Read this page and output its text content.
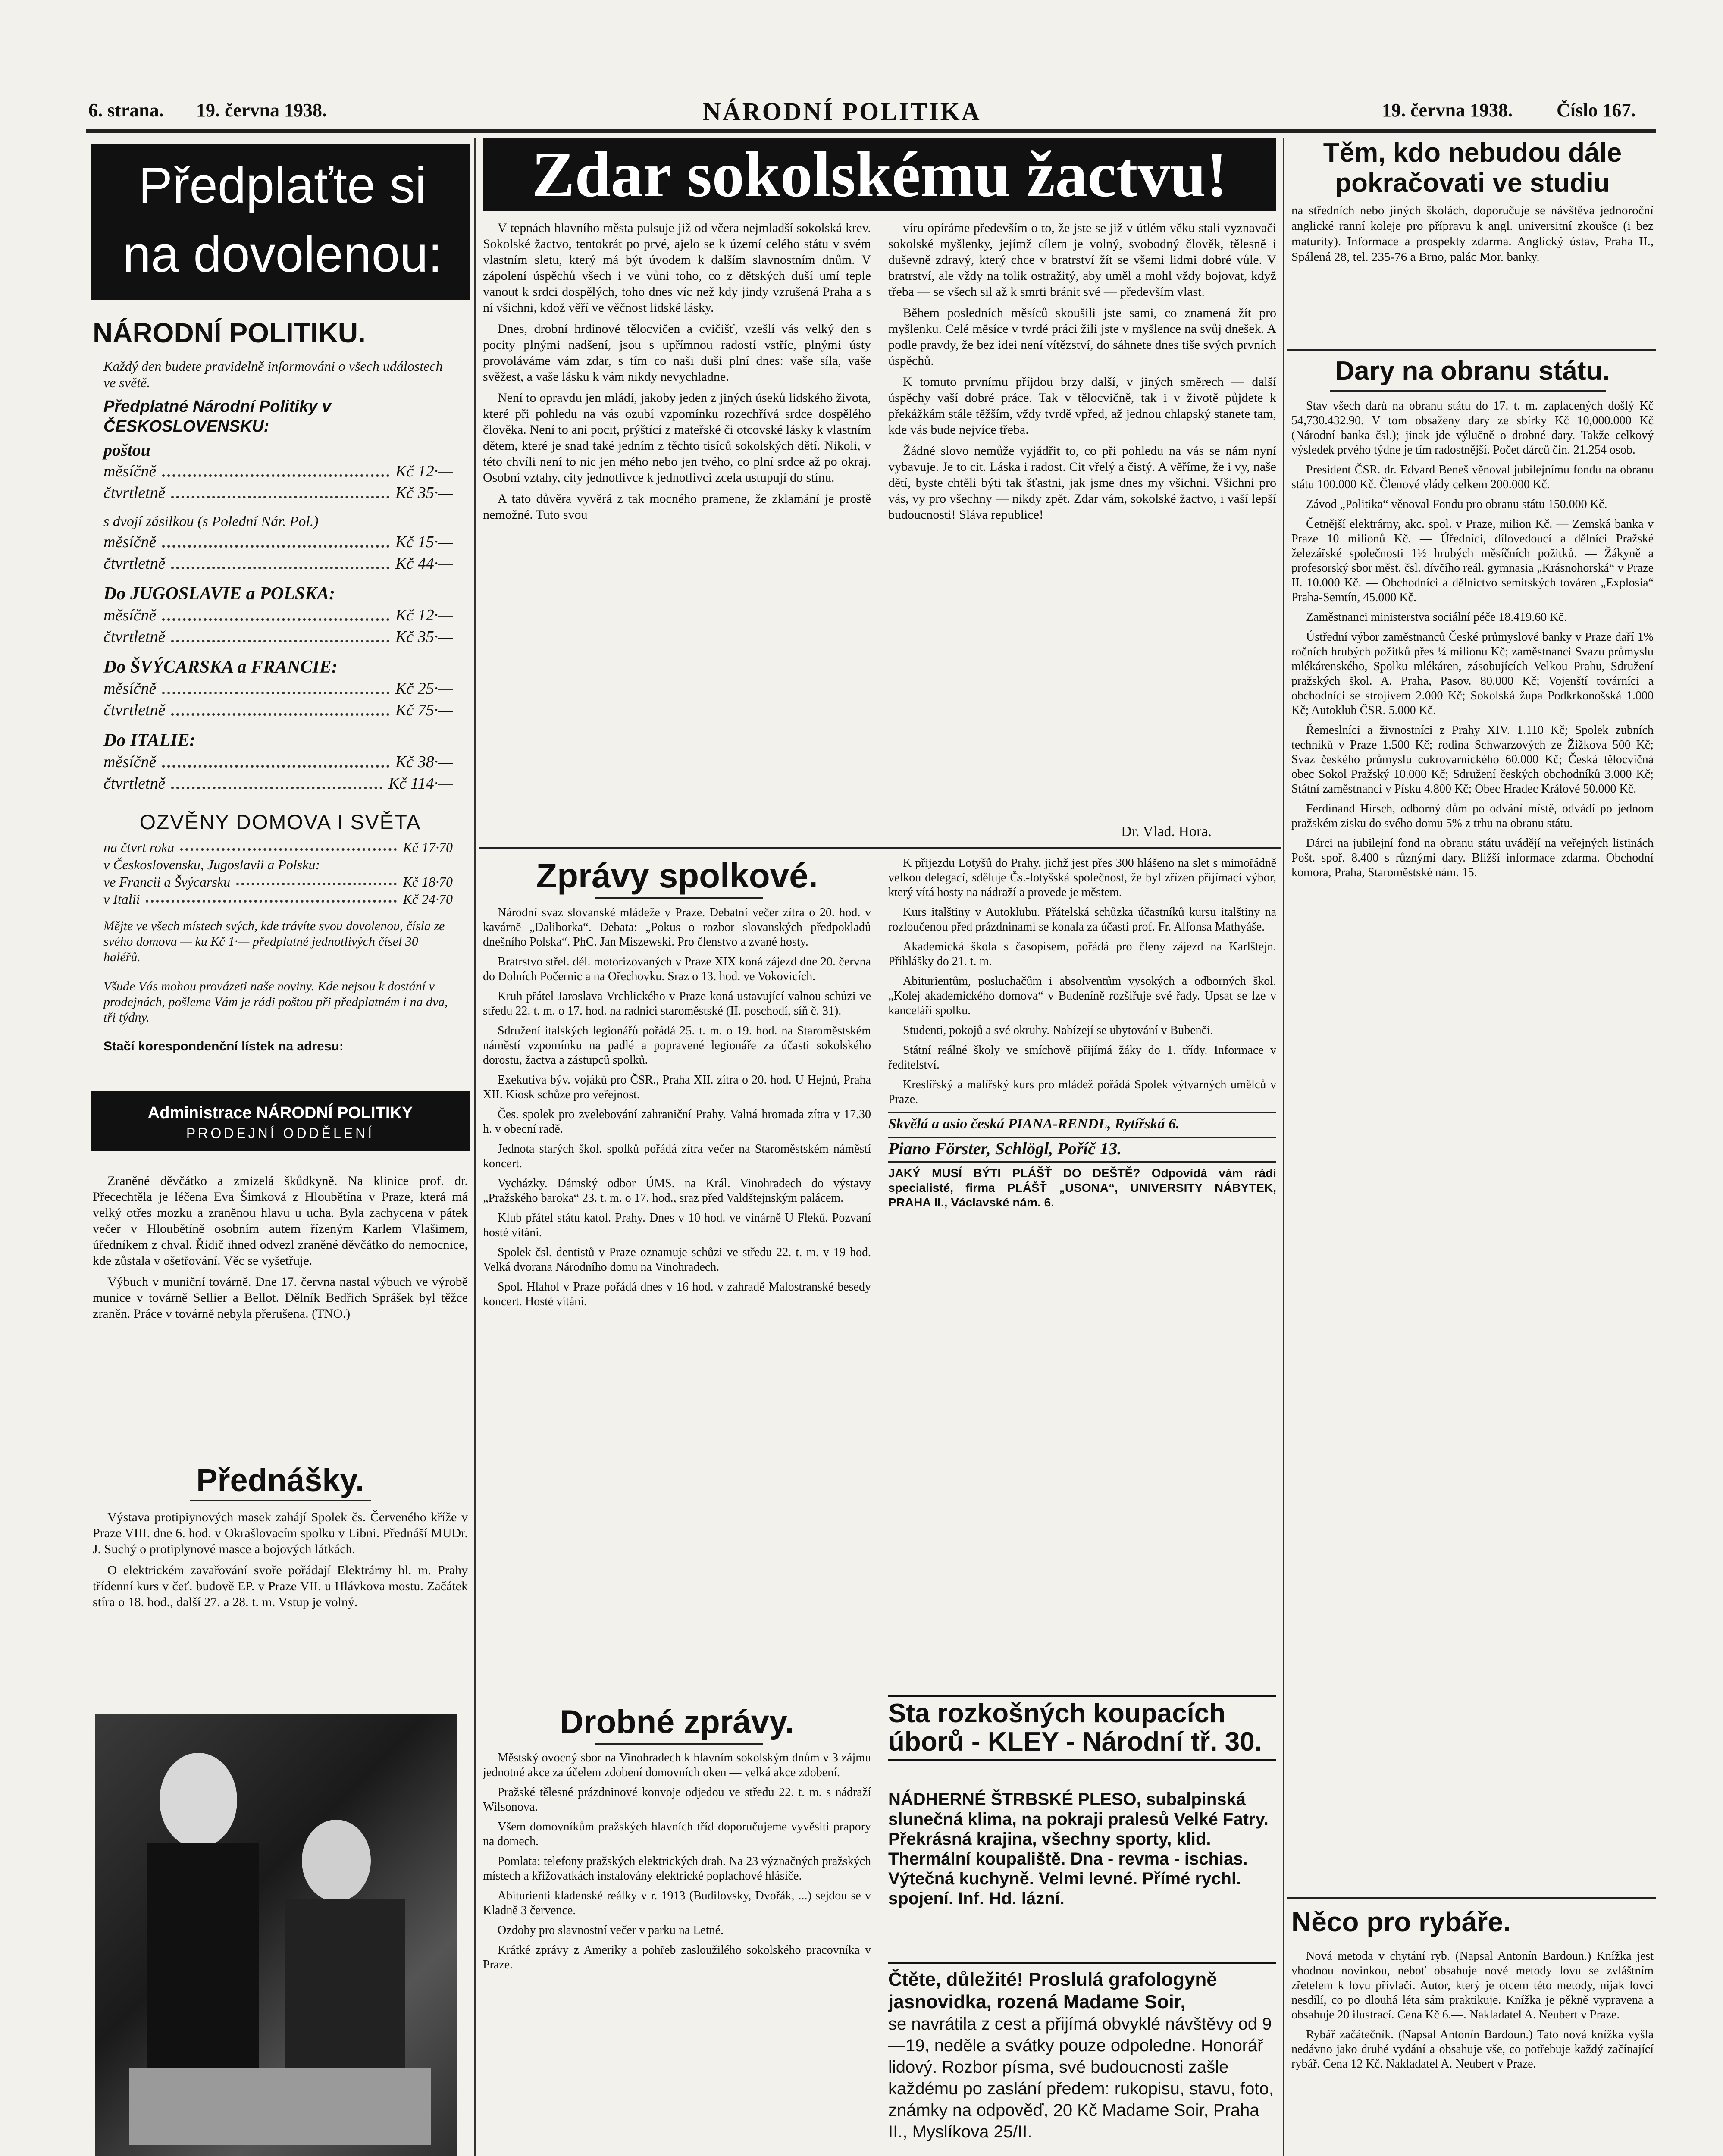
6. strana. 19. června 1938.	NÁRODNÍ POLITIKA	19. června 1938. Číslo 167.
Předplaťte si
na dovolenou:
NÁRODNÍ POLITIKU.
Každý den budete pravidelně informováni o všech událostech ve světě.
Předplatné Národní Politiky v ČESKOSLOVENSKU:
poštou
měsíčně	Kč 12·—
čtvrtletně	Kč 35·—
s dvojí zásilkou (s Polední Nár. Pol.)
měsíčně	Kč 15·—
čtvrtletně	Kč 44·—
Do JUGOSLAVIE a POLSKA:
měsíčně	Kč 12·—
čtvrtletně	Kč 35·—
Do ŠVÝCARSKA a FRANCIE:
měsíčně	Kč 25·—
čtvrtletně	Kč 75·—
Do ITALIE:
měsíčně	Kč 38·—
čtvrtletně	Kč 114·—
OZVĚNY DOMOVA I SVĚTA
na čtvrt roku	Kč 17·70
v Československu, Jugoslavii a Polsku:
ve Francii a Švýcarsku	Kč 18·70
v Italii	Kč 24·70
Mějte ve všech místech svých, kde trávíte svou dovolenou, čísla ze svého domova — ku Kč 1·— předplatné jednotlivých čísel 30 haléřů.
Všude Vás mohou provázeti naše noviny. Kde nejsou k dostání v prodejnách, pošleme Vám je rádi poštou při předplatném i na dva, tři týdny.
Stačí korespondenční lístek na adresu:
Administrace NÁRODNÍ POLITIKY
PRODEJNÍ ODDĚLENÍ

Zraněné děvčátko a zmizelá škůdkyně. Na klinice prof. dr. Přecechtěla je léčena Eva Šimková z Hloubětína v Praze, která má velký otřes mozku a zraněnou hlavu u ucha. Byla zachycena v pátek večer v Hloubětíně osobním autem řízeným Karlem Vlašimem, úředníkem z chval. Řidič ihned odvezl zraněné děvčátko do nemocnice, kde zůstala v ošetřování. Věc se vyšetřuje.

Výbuch v muniční továrně. Dne 17. června nastal výbuch ve výrobě munice v továrně Sellier a Bellot. Dělník Bedřich Sprášek byl těžce zraněn. Práce v továrně nebyla přerušena. (TNO.)

Přednášky.

Výstava protipiynových masek zahájí Spolek čs. Červeného kříže v Praze VIII. dne 6. hod. v Okrašlovacím spolku v Libni. Přednáší MUDr. J. Suchý o protiplynové masce a bojových látkách.

O elektrickém zavařování svoře pořádají Elektrárny hl. m. Prahy třídenní kurs v čeť. budově EP. v Praze VII. u Hlávkova mostu. Začátek stíra o 18. hod., další 27. a 28. t. m. Vstup je volný.

Zdar sokolskému žactvu!

V tepnách hlavního města pulsuje již od včera nejmladší sokolská krev. Sokolské žactvo, tentokrát po prvé, ajelo se k území celého státu v svém vlastním sletu, který má být úvodem k dalším slavnostním dnům. V zápolení úspěchů všech i ve vůni toho, co z dětských duší umí teple vanout k srdci dospělých, toho dnes víc než kdy jindy vzrušená Praha a s ní všichni, kdož věří ve věčnost lidské lásky.

Dnes, drobní hrdinové tělocvičen a cvičišť, vzešlí vás velký den s pocity plnými nadšení, jsou s upřímnou radostí vstříc, plnými ústy provoláváme vám zdar, s tím co naši duši plní dnes: vaše síla, vaše svěžest, a vaše lásku k vám nikdy nevychladne.

Není to opravdu jen mládí, jakoby jeden z jiných úseků lidského života, které při pohledu na vás ozubí vzpomínku rozechřívá srdce dospělého člověka. Není to ani pocit, prýštící z mateřské či otcovské lásky k vlastním dětem, které je snad také jedním z těchto tisíců sokolských dětí. Nikoli, v této chvíli není to nic jen mého nebo jen tvého, co plní srdce až po okraj. Osobní vztahy, city jednotlivce k jednotlivci zcela ustupují do stínu.

A tato důvěra vyvěrá z tak mocného pramene, že zklamání je prostě nemožné. Tuto svou

víru opíráme především o to, že jste se již v útlém věku stali vyznavači sokolské myšlenky, jejímž cílem je volný, svobodný člověk, tělesně i duševně zdravý, který chce v bratrství žít se všemi lidmi dobré vůle. V bratrství, ale vždy na tolik ostražitý, aby uměl a mohl vždy bojovat, když třeba — se všech sil až k smrti bránit své — především vlast.

Během posledních měsíců skoušili jste sami, co znamená žít pro myšlenku. Celé měsíce v tvrdé práci žili jste v myšlence na svůj dnešek. A podle pravdy, že bez idei není vítězství, do sáhnete dnes tiše svých prvních úspěchů.

K tomuto prvnímu příjdou brzy další, v jiných směrech — další úspěchy vaší dobré práce. Tak v tělocvičně, tak i v životě půjdete k překážkám stále těžším, vždy tvrdě vpřed, až jednou chlapský stanete tam, kde vás bude nejvíce třeba.

Žádné slovo nemůže vyjádřit to, co při pohledu na vás se nám nyní vybavuje. Je to cit. Láska i radost. Cit vřelý a čistý. A věříme, že i vy, naše dětí, byste chtěli býti tak šťastni, jak jsme dnes my všichni. Všichni pro vás, vy pro všechny — nikdy zpět. Zdar vám, sokolské žactvo, i vaší lepší budoucnosti! Sláva republice!

Dr. Vlad. Hora.
Zprávy spolkové.

Národní svaz slovanské mládeže v Praze. Debatní večer zítra o 20. hod. v kavárně „Daliborka“. Debata: „Pokus o rozbor slovanských předpokladů dnešního Polska“. PhC. Jan Miszewski. Pro členstvo a zvané hosty.

Bratrstvo střel. dél. motorizovaných v Praze XIX koná zájezd dne 20. června do Dolních Počernic a na Ořechovku. Sraz o 13. hod. ve Vokovicích.

Kruh přátel Jaroslava Vrchlického v Praze koná ustavující valnou schůzi ve středu 22. t. m. o 17. hod. na radnici staroměstské (II. poschodí, síň č. 31).

Sdružení italských legionářů pořádá 25. t. m. o 19. hod. na Staroměstském náměstí vzpomínku na padlé a popravené legionáře za účasti sokolského dorostu, žactva a zástupců spolků.

Exekutiva býv. vojáků pro ČSR., Praha XII. zítra o 20. hod. U Hejnů, Praha XII. Kiosk schůze pro veřejnost.

Čes. spolek pro zvelebování zahraniční Prahy. Valná hromada zítra v 17.30 h. v obecní radě.

Jednota starých škol. spolků pořádá zítra večer na Staroměstském náměstí koncert.

Vycházky. Dámský odbor ÚMS. na Král. Vinohradech do výstavy „Pražského baroka“ 23. t. m. o 17. hod., sraz před Valdštejnským palácem.

Klub přátel státu katol. Prahy. Dnes v 10 hod. ve vinárně U Fleků. Pozvaní hosté vítáni.

Spolek čsl. dentistů v Praze oznamuje schůzi ve středu 22. t. m. v 19 hod. Velká dvorana Národního domu na Vinohradech.

Spol. Hlahol v Praze pořádá dnes v 16 hod. v zahradě Malostranské besedy koncert. Hosté vítáni.

K přijezdu Lotyšů do Prahy, jichž jest přes 300 hlášeno na slet s mimořádně velkou delegací, sděluje Čs.-lotyšská společnost, že byl zřízen přijímací výbor, který vítá hosty na nádraží a provede je městem.

Kurs italštiny v Autoklubu. Přátelská schůzka účastníků kursu italštiny na rozloučenou před prázdninami se konala za účasti prof. Fr. Alfonsa Mathyáše.

Akademická škola s časopisem, pořádá pro členy zájezd na Karlštejn. Přihlášky do 21. t. m.

Abiturientům, posluchačům i absolventům vysokých a odborných škol. „Kolej akademického domova“ v Budeníně rozšiřuje své řady. Upsat se lze v kanceláři spolku.

Studenti, pokojů a své okruhy. Nabízejí se ubytování v Bubenči.

Státní reálné školy ve smíchově přijímá žáky do 1. třídy. Informace v ředitelství.

Kreslířský a malířský kurs pro mládež pořádá Spolek výtvarných umělců v Praze.

Skvělá a asio česká PIANA-RENDL, Rytířská 6.

Piano Förster, Schlögl, Poříč 13.

JAKÝ MUSÍ BÝTI PLÁŠŤ DO DEŠTĚ? Odpovídá vám rádi specialisté, firma PLÁŠŤ „USONA“, UNIVERSITY NÁBYTEK, PRAHA II., Václavské nám. 6.

Drobné zprávy.

Městský ovocný sbor na Vinohradech k hlavním sokolským dnům v 3 zájmu jednotné akce za účelem zdobení domovních oken — velká akce zdobení.

Pražské tělesné prázdninové konvoje odjedou ve středu 22. t. m. s nádraží Wilsonova.

Všem domovníkům pražských hlavních tříd doporučujeme vyvěsiti prapory na domech.

Pomlata: telefony pražských elektrických drah. Na 23 význačných pražských místech a křižovatkách instalovány elektrické poplachové hlásiče.

Abiturienti kladenské reálky v r. 1913 (Budilovsky, Dvořák, ...) sejdou se v Kladně 3 července.

Ozdoby pro slavnostní večer v parku na Letné.

Krátké zprávy z Ameriky a pohřeb zasloužilého sokolského pracovníka v Praze.

Sta rozkošných koupacích úborů - KLEY - Národní tř. 30.
NÁDHERNÉ ŠTRBSKÉ PLESO, subalpinská slunečná klima, na pokraji pralesů Velké Fatry. Překrásná krajina, všechny sporty, klid. Thermální koupaliště. Dna - revma - ischias. Výtečná kuchyně. Velmi levné. Přímé rychl. spojení. Inf. Hd. lázní.
Čtěte, důležité! Proslulá grafologyně jasnovidka, rozená Madame Soir,
se navrátila z cest a přijímá obvyklé návštěvy od 9—19, neděle a svátky pouze odpoledne. Honorář lidový. Rozbor písma, své budoucnosti zašle každému po zaslání předem: rukopisu, stavu, foto, známky na odpověď, 20 Kč Madame Soir, Praha II., Myslíkova 25/II.

Těm, kdo nebudou dále pokračovati ve studiu

na středních nebo jiných školách, doporučuje se návštěva jednoroční anglické ranní koleje pro přípravu k angl. universitní zkoušce (i bez maturity). Informace a prospekty zdarma. Anglický ústav, Praha II., Spálená 28, tel. 235-76 a Brno, palác Mor. banky.

Dary na obranu státu.

Stav všech darů na obranu státu do 17. t. m. zaplacených došlý Kč 54,730.432.90. V tom obsaženy dary ze sbírky Kč 10,000.000 Kč (Národní banka čsl.); jinak jde výlučně o drobné dary. Takže celkový výsledek prvého týdne je tím radostnější. Počet dárců čin. 21.254 osob.

President ČSR. dr. Edvard Beneš věnoval jubilejnímu fondu na obranu státu 100.000 Kč. Členové vlády celkem 200.000 Kč.

Závod „Politika“ věnoval Fondu pro obranu státu 150.000 Kč.

Četnější elektrárny, akc. spol. v Praze, milion Kč. — Zemská banka v Praze 10 milionů Kč. — Úředníci, dílovedoucí a dělníci Pražské železářské společnosti 1½ hrubých měsíčních požitků. — Žákyně a profesorský sbor měst. čsl. dívčího reál. gymnasia „Krásnohorská“ v Praze II. 10.000 Kč. — Obchodníci a dělnictvo semitských továren „Explosia“ Praha-Semtín, 45.000 Kč.

Zaměstnanci ministerstva sociální péče 18.419.60 Kč.

Ústřední výbor zaměstnanců České průmyslové banky v Praze daří 1% ročních hrubých požitků přes ¼ milionu Kč; zaměstnanci Svazu průmyslu mlékárenského, Spolku mlékáren, zásobujících Velkou Prahu, Sdružení pražských škol. A. Praha, Pasov. 80.000 Kč; Vojenští továrníci a obchodníci se strojivem 2.000 Kč; Sokolská župa Podkrkonošská 1.000 Kč; Autoklub ČSR. 5.000 Kč.

Řemeslníci a živnostníci z Prahy XIV. 1.110 Kč; Spolek zubních techniků v Praze 1.500 Kč; rodina Schwarzových ze Žižkova 500 Kč; Svaz českého průmyslu cukrovarnického 60.000 Kč; Česká tělocvičná obec Sokol Pražský 10.000 Kč; Sdružení českých obchodníků 3.000 Kč; Státní zaměstnanci v Písku 4.800 Kč; Obec Hradec Králové 50.000 Kč.

Ferdinand Hirsch, odborný dům po odvání místě, odvádí po jednom pražském zisku do svého domu 5% z trhu na obranu státu.

Dárci na jubilejní fond na obranu státu uvádějí na veřejných listinách Pošt. spoř. 8.400 s různými dary. Bližší informace zdarma. Obchodní komora, Praha, Staroměstské nám. 15.

Něco pro rybáře.

Nová metoda v chytání ryb. (Napsal Antonín Bardoun.) Knížka jest vhodnou novinkou, neboť obsahuje nové metody lovu se zvláštním zřetelem k lovu přívlačí. Autor, který je otcem této metody, nijak lovci nesdílí, co po dlouhá léta sám praktikuje. Knížka je pěkně vypravena a obsahuje 20 ilustrací. Cena Kč 6.—. Nakladatel A. Neubert v Praze.

Rybář začátečník. (Napsal Antonín Bardoun.) Tato nová knížka vyšla nedávno jako druhé vydání a obsahuje vše, co potřebuje každý začínající rybář. Cena 12 Kč. Nakladatel A. Neubert v Praze.
